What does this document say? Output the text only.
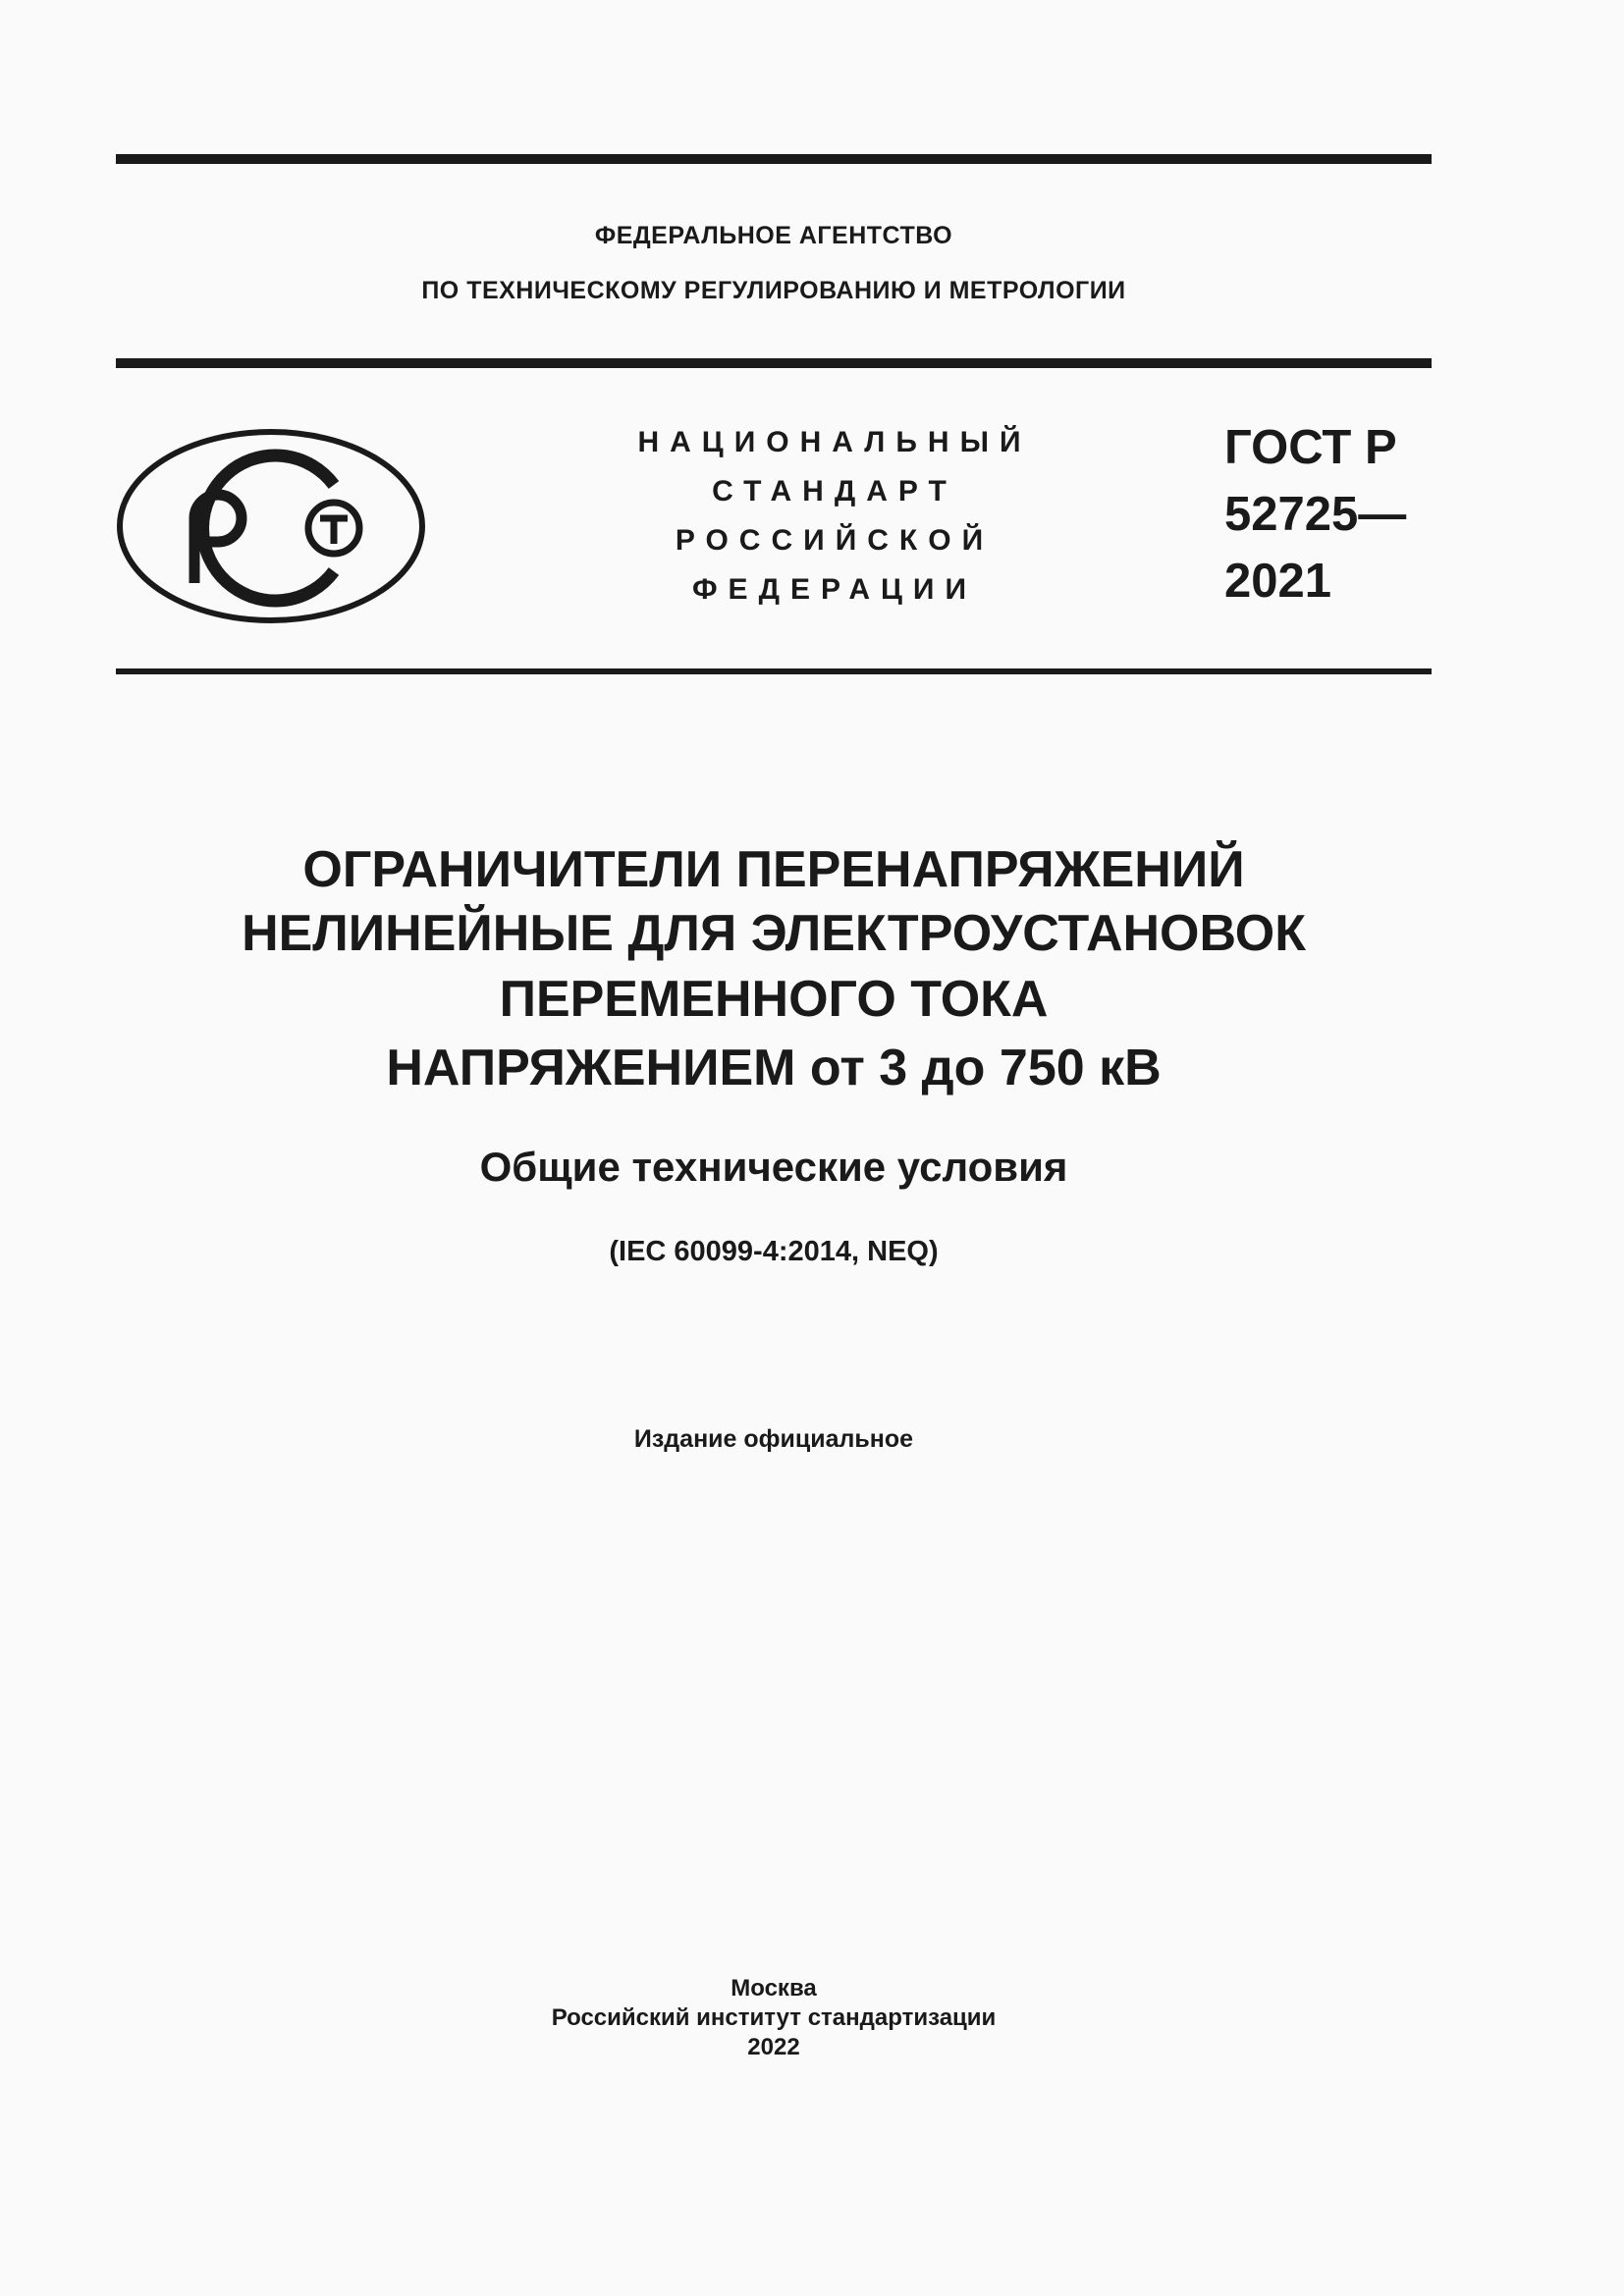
ФЕДЕРАЛЬНОЕ АГЕНТСТВО
ПО ТЕХНИЧЕСКОМУ РЕГУЛИРОВАНИЮ И МЕТРОЛОГИИ
НАЦИОНАЛЬНЫЙ
СТАНДАРТ
РОССИЙСКОЙ
ФЕДЕРАЦИИ
ГОСТ Р
52725—
2021
ОГРАНИЧИТЕЛИ ПЕРЕНАПРЯЖЕНИЙ
НЕЛИНЕЙНЫЕ ДЛЯ ЭЛЕКТРОУСТАНОВОК
ПЕРЕМЕННОГО ТОКА
НАПРЯЖЕНИЕМ от 3 до 750 кВ
Общие технические условия
(IEC 60099-4:2014, NEQ)
Издание официальное
Москва
Российский институт стандартизации
2022
